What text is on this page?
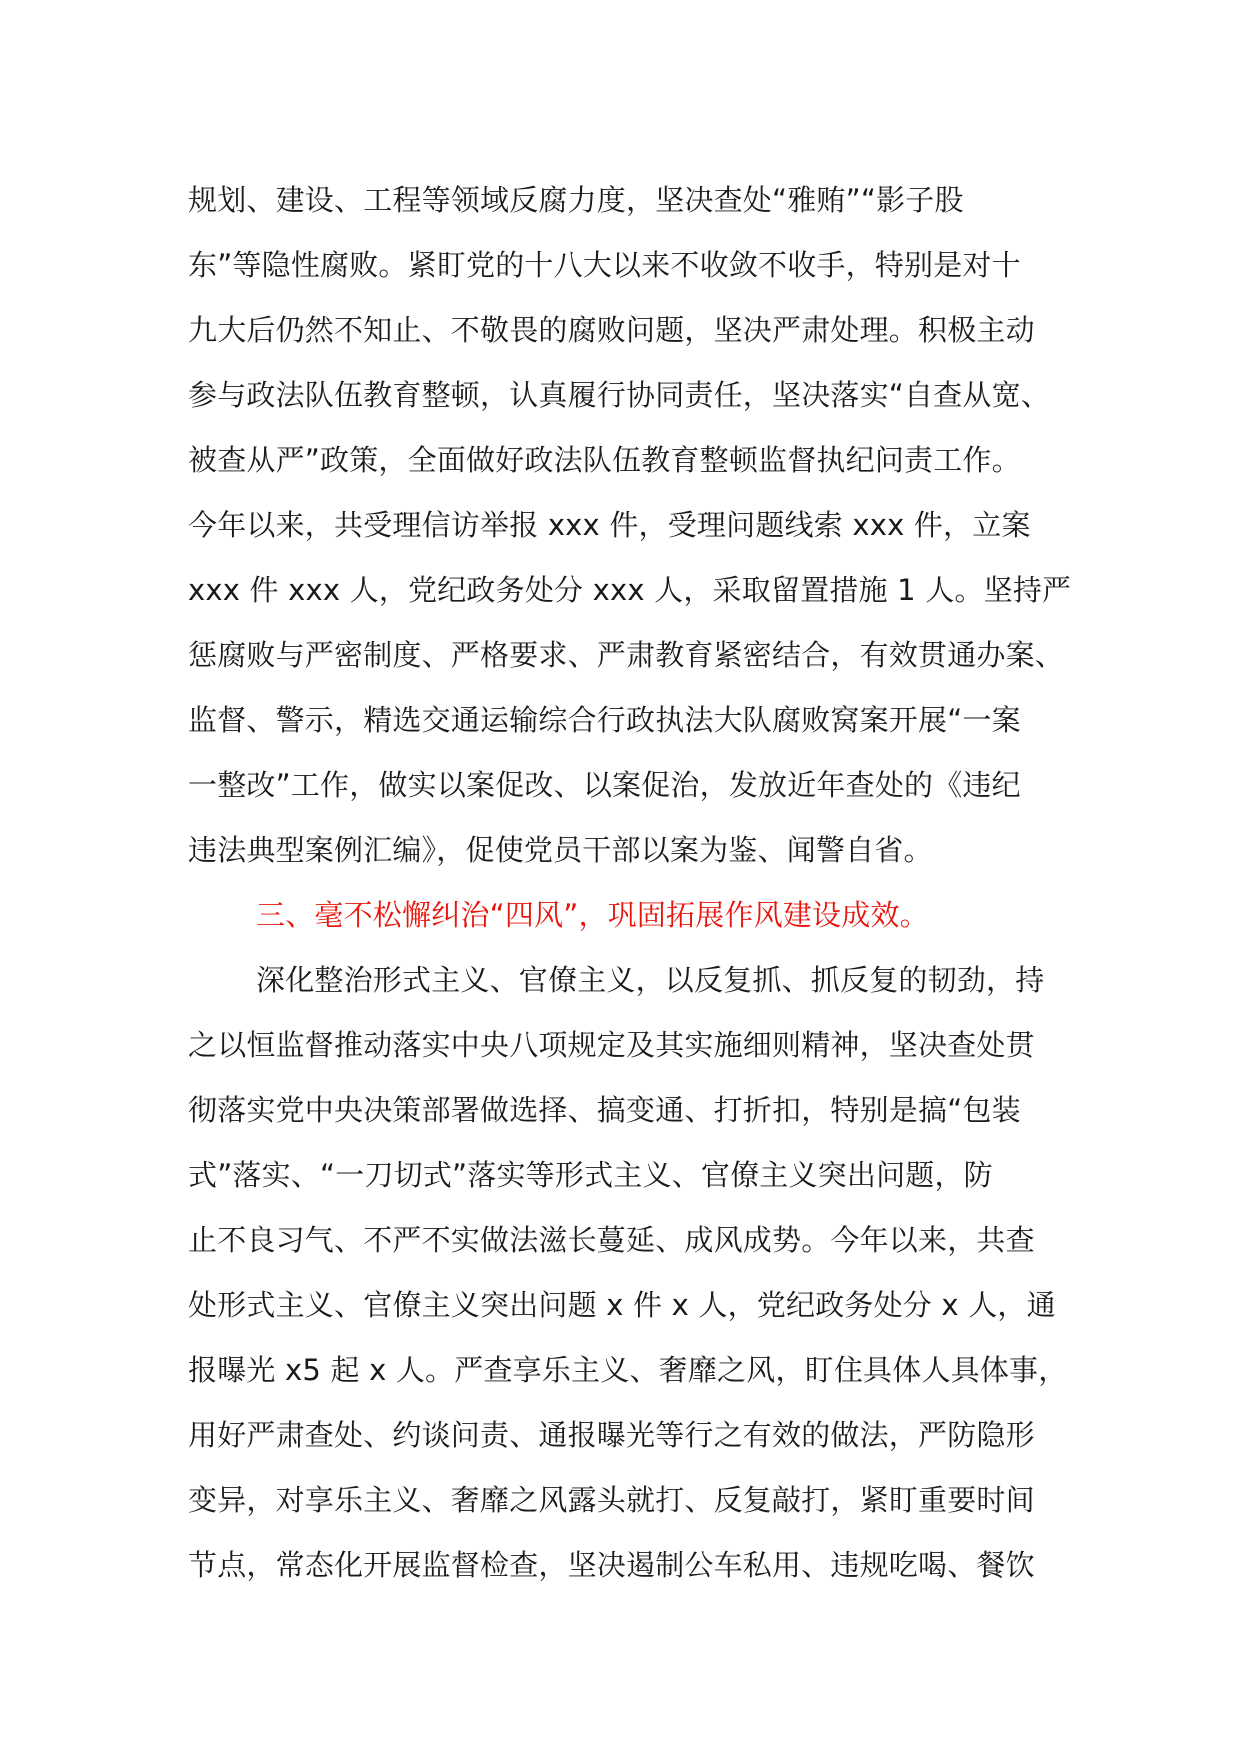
规划、建设、工程等领域反腐力度，坚决查处“雅贿”“影子股
东”等隐性腐败。紧盯党的十八大以来不收敛不收手，特别是对十
九大后仍然不知止、不敬畏的腐败问题，坚决严肃处理。积极主动
参与政法队伍教育整顿，认真履行协同责任，坚决落实“自查从宽、
被查从严”政策，全面做好政法队伍教育整顿监督执纪问责工作。
今年以来，共受理信访举报 xxx 件，受理问题线索 xxx 件，立案
xxx 件 xxx 人，党纪政务处分 xxx 人，采取留置措施 1 人。坚持严
惩腐败与严密制度、严格要求、严肃教育紧密结合，有效贯通办案、
监督、警示，精选交通运输综合行政执法大队腐败窝案开展“一案
一整改”工作，做实以案促改、以案促治，发放近年查处的《违纪
违法典型案例汇编》，促使党员干部以案为鉴、闻警自省。
三、毫不松懈纠治“四风”，巩固拓展作风建设成效。
深化整治形式主义、官僚主义，以反复抓、抓反复的韧劲，持
之以恒监督推动落实中央八项规定及其实施细则精神，坚决查处贯
彻落实党中央决策部署做选择、搞变通、打折扣，特别是搞“包装
式”落实、“一刀切式”落实等形式主义、官僚主义突出问题，防
止不良习气、不严不实做法滋长蔓延、成风成势。今年以来，共查
处形式主义、官僚主义突出问题 x 件 x 人，党纪政务处分 x 人，通
报曝光 x5 起 x 人。严查享乐主义、奢靡之风，盯住具体人具体事，
用好严肃查处、约谈问责、通报曝光等行之有效的做法，严防隐形
变异，对享乐主义、奢靡之风露头就打、反复敲打，紧盯重要时间
节点，常态化开展监督检查，坚决遏制公车私用、违规吃喝、餐饮
